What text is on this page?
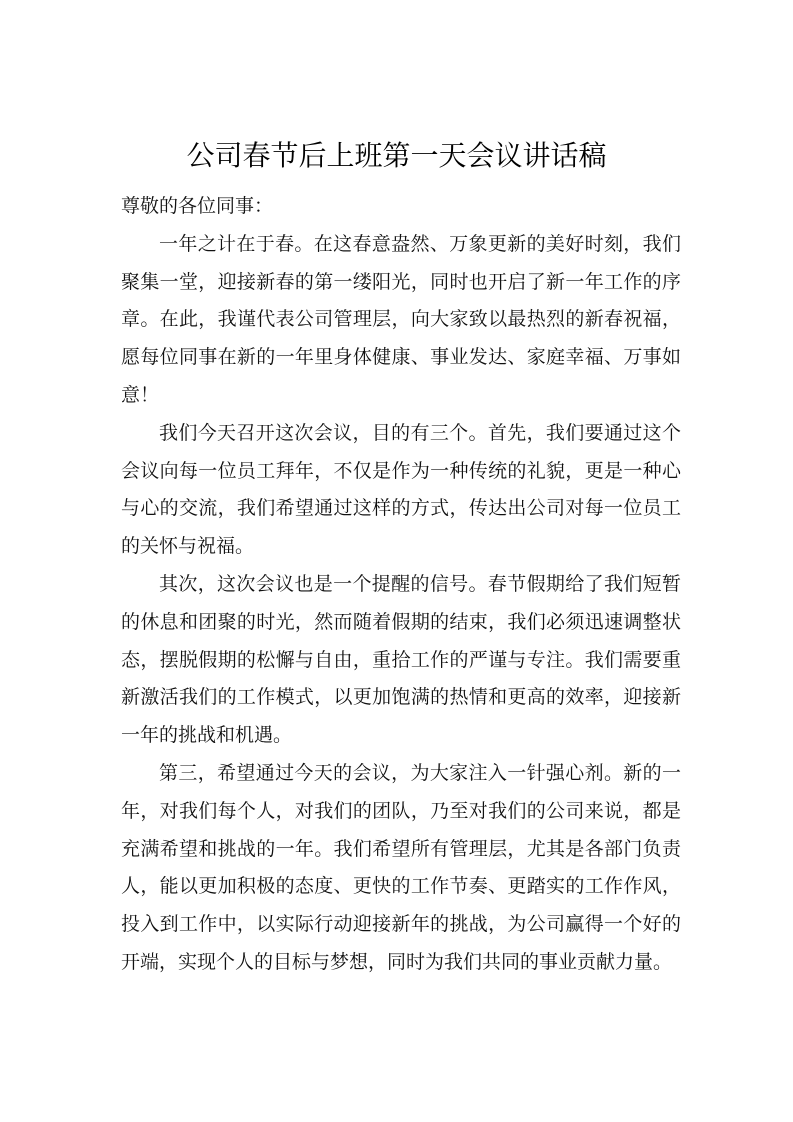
公司春节后上班第一天会议讲话稿

尊敬的各位同事：

一年之计在于春。在这春意盎然、万象更新的美好时刻，我们聚集一堂，迎接新春的第一缕阳光，同时也开启了新一年工作的序章。在此，我谨代表公司管理层，向大家致以最热烈的新春祝福，愿每位同事在新的一年里身体健康、事业发达、家庭幸福、万事如意！

我们今天召开这次会议，目的有三个。首先，我们要通过这个会议向每一位员工拜年，不仅是作为一种传统的礼貌，更是一种心与心的交流，我们希望通过这样的方式，传达出公司对每一位员工的关怀与祝福。

其次，这次会议也是一个提醒的信号。春节假期给了我们短暂的休息和团聚的时光，然而随着假期的结束，我们必须迅速调整状态，摆脱假期的松懈与自由，重拾工作的严谨与专注。我们需要重新激活我们的工作模式，以更加饱满的热情和更高的效率，迎接新一年的挑战和机遇。

第三，希望通过今天的会议，为大家注入一针强心剂。新的一年，对我们每个人，对我们的团队，乃至对我们的公司来说，都是充满希望和挑战的一年。我们希望所有管理层，尤其是各部门负责人，能以更加积极的态度、更快的工作节奏、更踏实的工作作风，投入到工作中，以实际行动迎接新年的挑战，为公司赢得一个好的开端，实现个人的目标与梦想，同时为我们共同的事业贡献力量。
